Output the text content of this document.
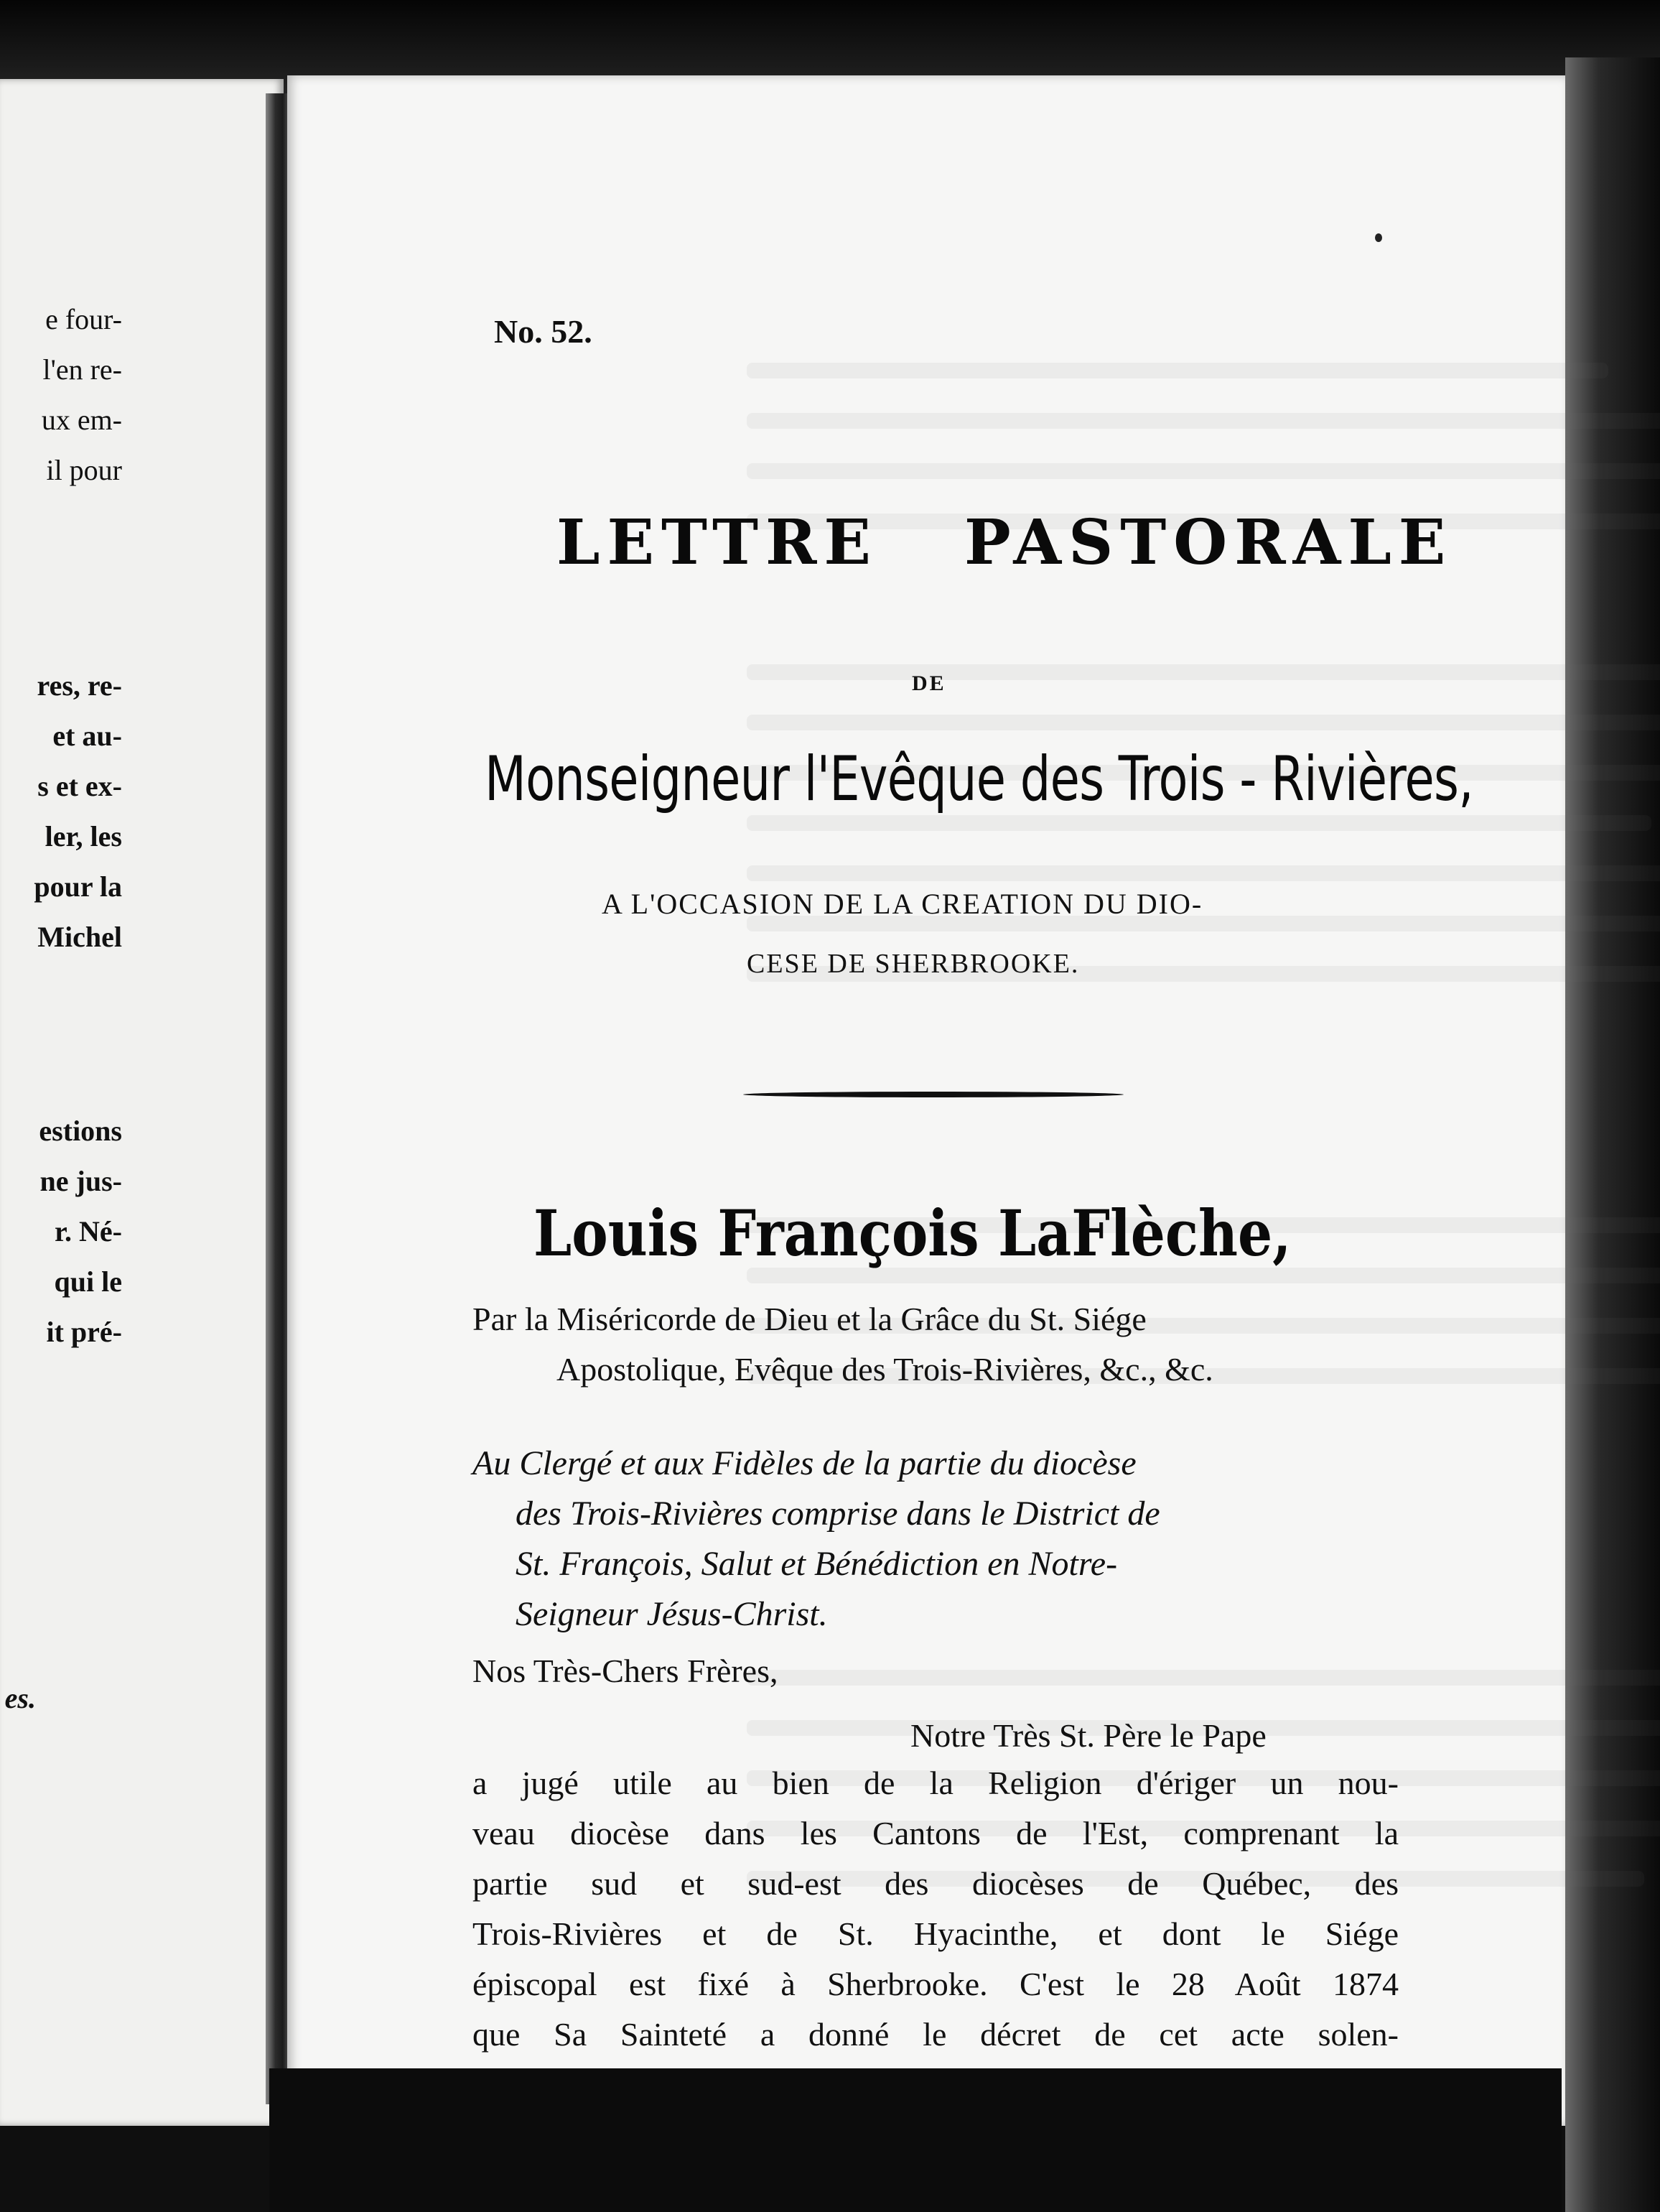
e four-
l'en re-
ux em-
il pour
res, re-
et au-
s et ex-
ler, les
pour la
Michel
estions
ne jus-
r. Né-
qui le
it pré-
es.
No. 52.
LETTRE PASTORALE
DE
Monseigneur l'Evêque des Trois - Rivières,
A L'OCCASION DE LA CREATION DU DIO-
CESE DE SHERBROOKE.
Louis François LaFlèche,
Par la Miséricorde de Dieu et la Grâce du St. Siége
Apostolique, Evêque des Trois-Rivières, &c., &c.
Au Clergé et aux Fidèles de la partie du diocèse
des Trois-Rivières comprise dans le District de
St. François, Salut et Bénédiction en Notre-
Seigneur Jésus-Christ.
Nos Très-Chers Frères,
Notre Très St. Père le Pape
a jugé utile au bien de la Religion d'ériger un nou-
veau diocèse dans les Cantons de l'Est, comprenant la
partie sud et sud-est des diocèses de Québec, des
Trois-Rivières et de St. Hyacinthe, et dont le Siége
épiscopal est fixé à Sherbrooke. C'est le 28 Août 1874
que Sa Sainteté a donné le décret de cet acte solen-
